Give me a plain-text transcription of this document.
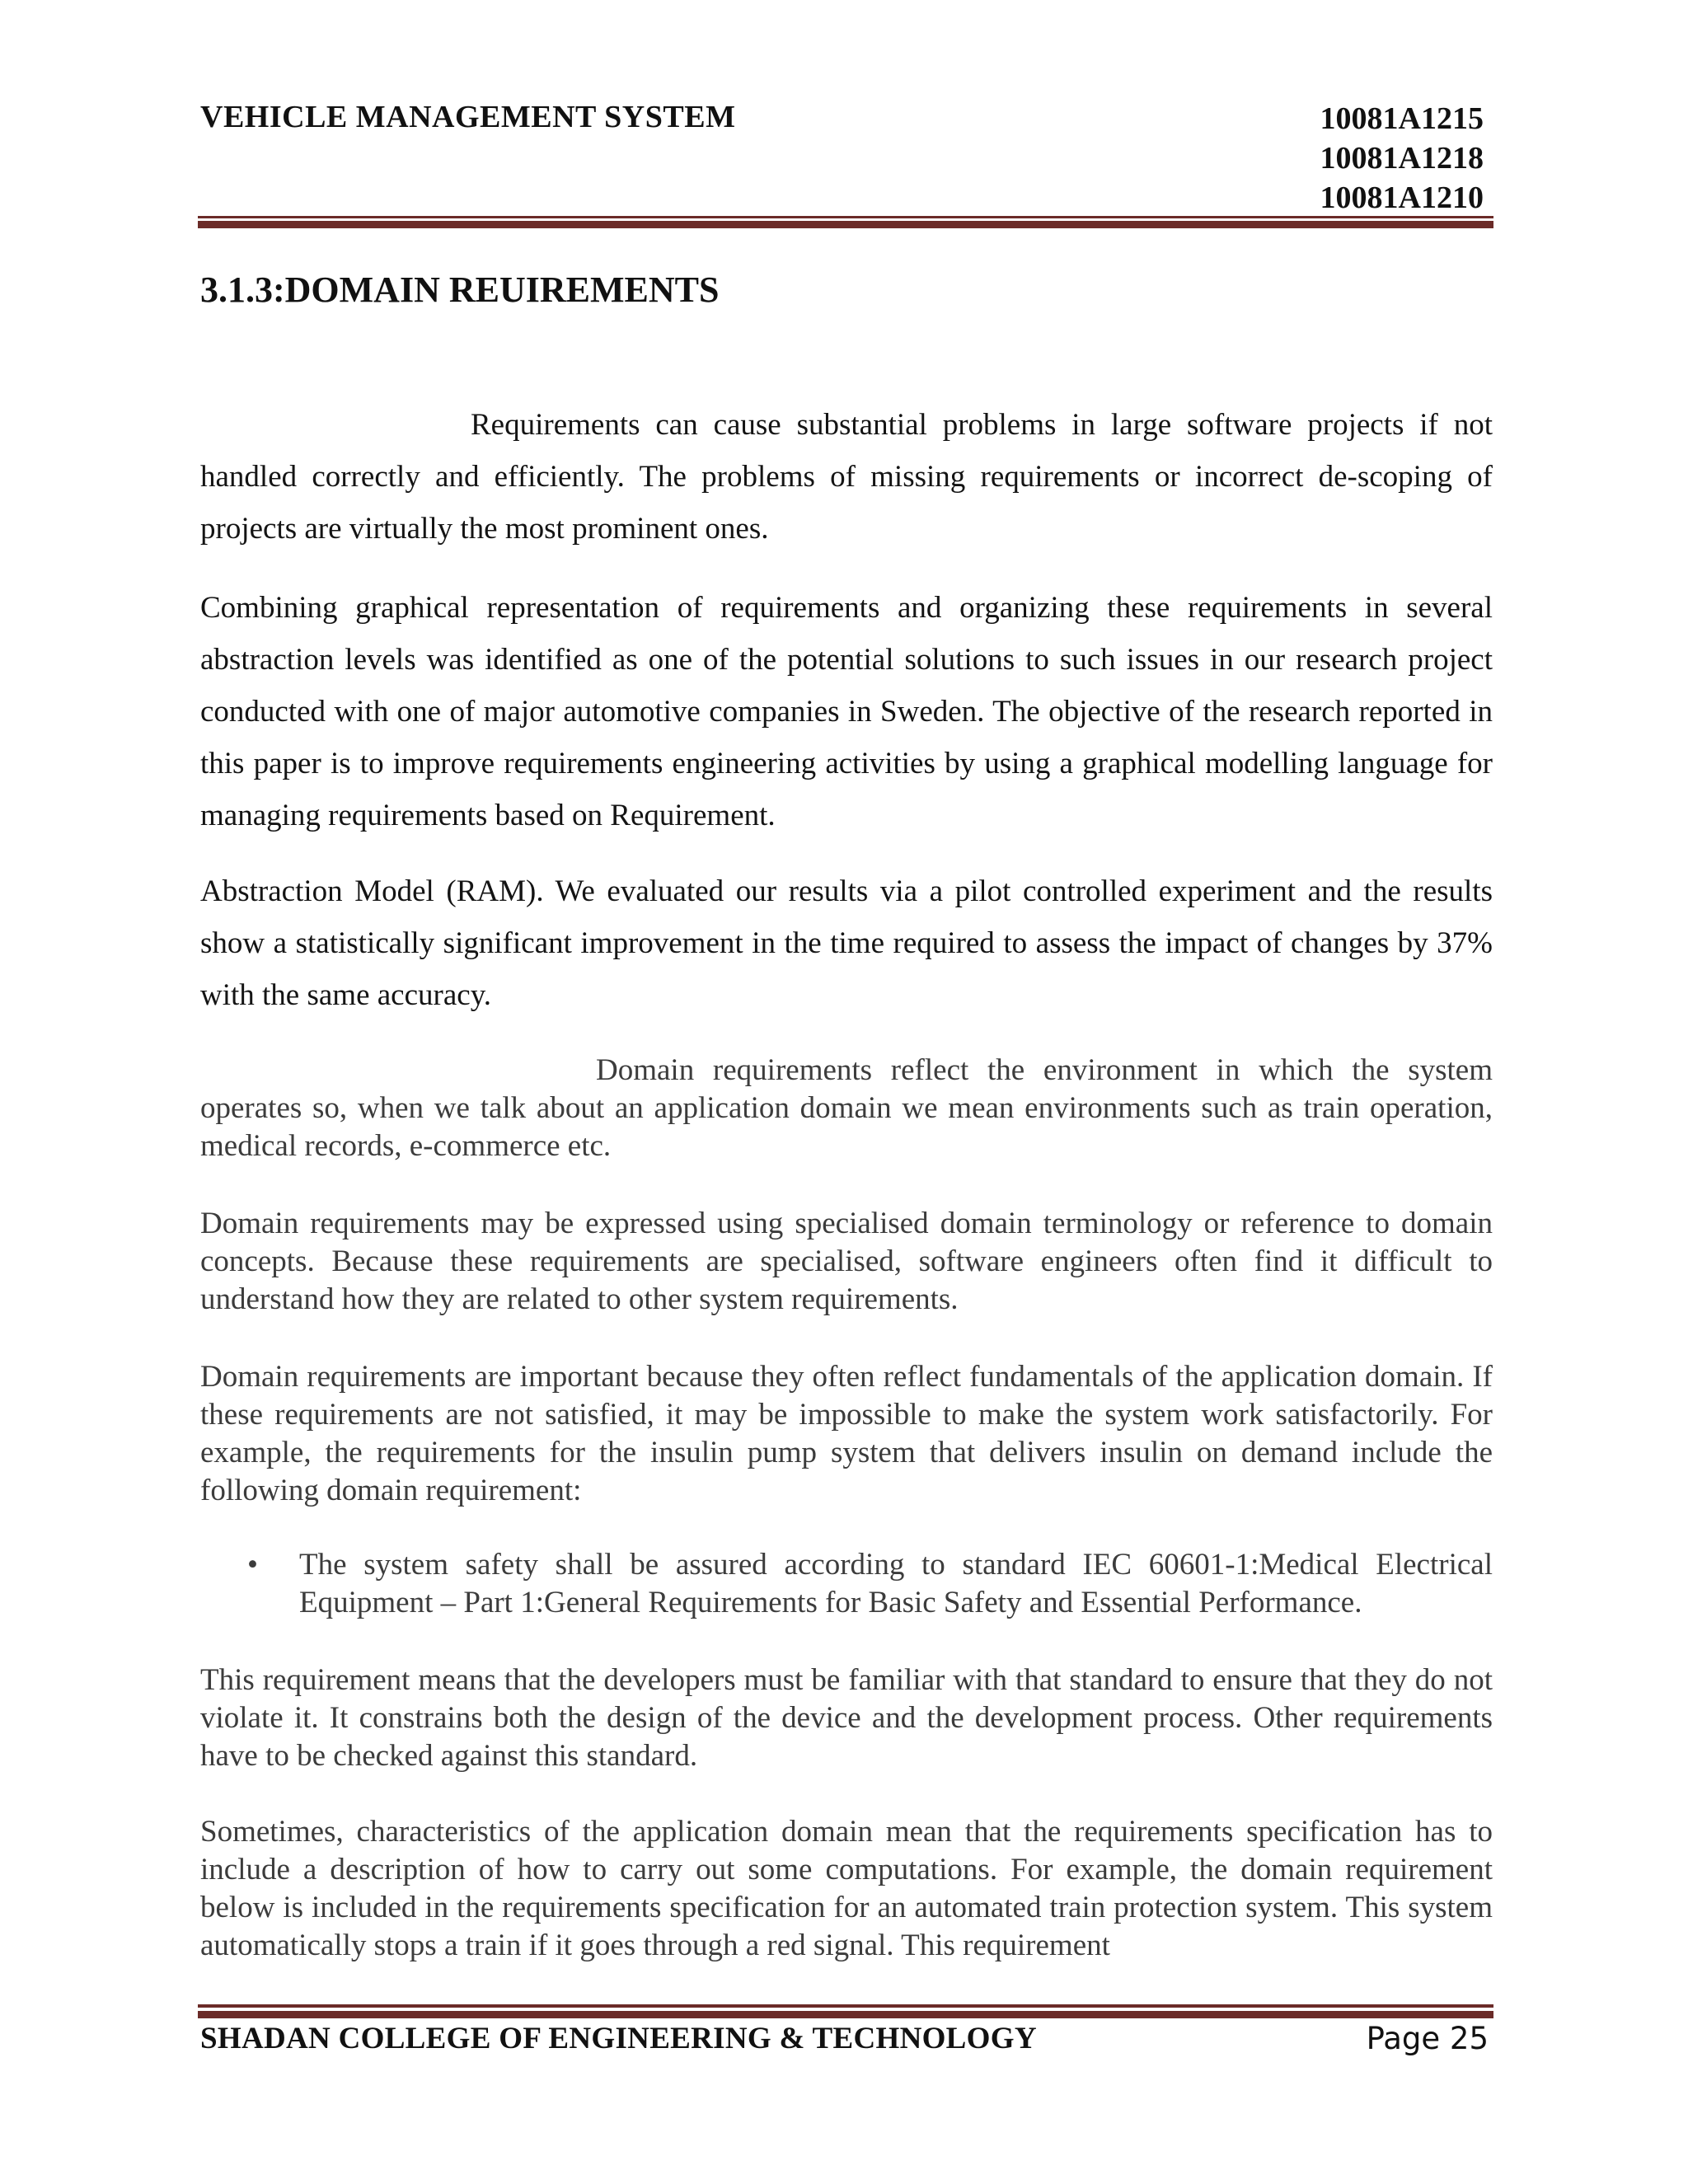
VEHICLE MANAGEMENT SYSTEM	10081A1215
10081A1218
10081A1210
3.1.3:DOMAIN REUIREMENTS

Requirements can cause substantial problems in large software projects if not handled correctly and efficiently. The problems of missing requirements or incorrect de-scoping of projects are virtually the most prominent ones.

Combining graphical representation of requirements and organizing these requirements in several abstraction levels was identified as one of the potential solutions to such issues in our research project conducted with one of major automotive companies in Sweden. The objective of the research reported in this paper is to improve requirements engineering activities by using a graphical modelling language for managing requirements based on Requirement.

Abstraction Model (RAM). We evaluated our results via a pilot controlled experiment and the results show a statistically significant improvement in the time required to assess the impact of changes by 37% with the same accuracy.

Domain requirements reflect the environment in which the system operates so, when we talk about an application domain we mean environments such as train operation, medical records, e-commerce etc.

Domain requirements may be expressed using specialised domain terminology or reference to domain concepts. Because these requirements are specialised, software engineers often find it difficult to understand how they are related to other system requirements.

Domain requirements are important because they often reflect fundamentals of the application domain. If these requirements are not satisfied, it may be impossible to make the system work satisfactorily. For example, the requirements for the insulin pump system that delivers insulin on demand include the following domain requirement:

• The system safety shall be assured according to standard IEC 60601-1:Medical Electrical Equipment – Part 1:General Requirements for Basic Safety and Essential Performance.

This requirement means that the developers must be familiar with that standard to ensure that they do not violate it. It constrains both the design of the device and the development process. Other requirements have to be checked against this standard.

Sometimes, characteristics of the application domain mean that the requirements specification has to include a description of how to carry out some computations. For example, the domain requirement below is included in the requirements specification for an automated train protection system. This system automatically stops a train if it goes through a red signal. This requirement

SHADAN COLLEGE OF ENGINEERING & TECHNOLOGY	Page 25
